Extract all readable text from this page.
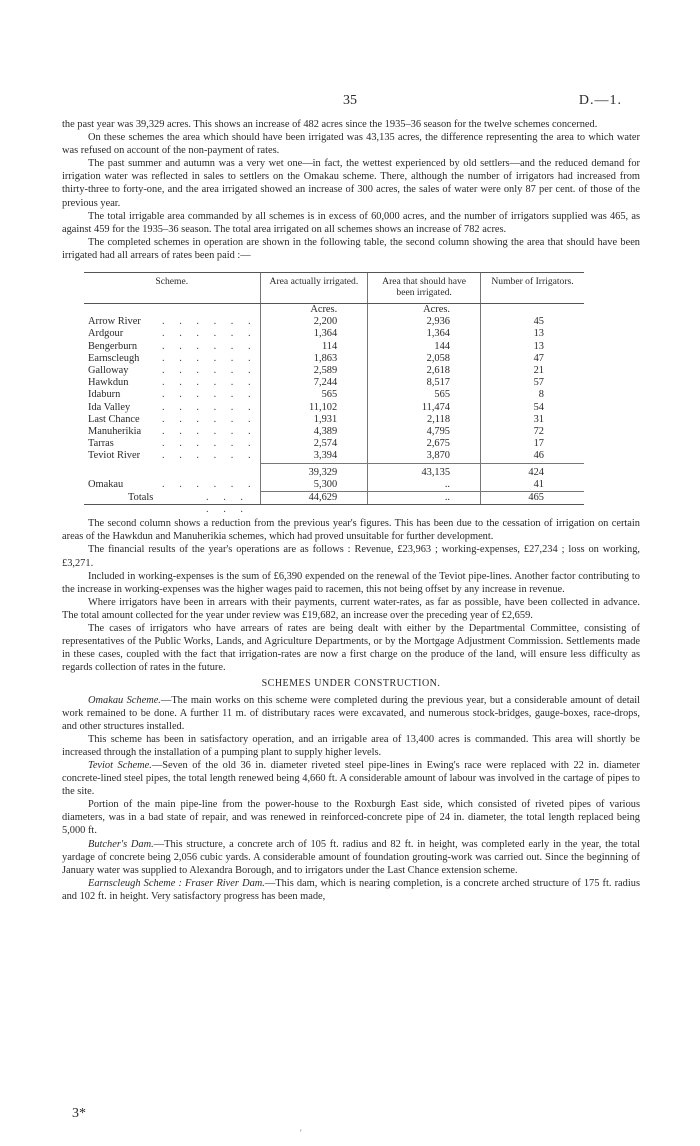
35	D.—1.

the past year was 39,329 acres. This shows an increase of 482 acres since the 1935–36 season for the twelve schemes concerned.

On these schemes the area which should have been irrigated was 43,135 acres, the difference representing the area to which water was refused on account of the non-payment of rates.

The past summer and autumn was a very wet one—in fact, the wettest experienced by old settlers—and the reduced demand for irrigation water was reflected in sales to settlers on the Omakau scheme. There, although the number of irrigators had increased from thirty-three to forty-one, and the area irrigated showed an increase of 300 acres, the sales of water were only 87 per cent. of those of the previous year.

The total irrigable area commanded by all schemes is in excess of 60,000 acres, and the number of irrigators supplied was 465, as against 459 for the 1935–36 season. The total area irrigated on all schemes shows an increase of 782 acres.

The completed schemes in operation are shown in the following table, the second column showing the area that should have been irrigated had all arrears of rates been paid :—

Scheme.	Area actually irrigated.	Area that should have been irrigated.	Number of Irrigators.
	Acres.	Acres.	
Arrow River . . . . . .	2,200	2,936	45
Ardgour . . . . . .	1,364	1,364	13
Bengerburn . . . . . .	114	144	13
Earnscleugh . . . . . .	1,863	2,058	47
Galloway . . . . . .	2,589	2,618	21
Hawkdun . . . . . .	7,244	8,517	57
Idaburn . . . . . .	565	565	8
Ida Valley . . . . . .	11,102	11,474	54
Last Chance . . . . . .	1,931	2,118	31
Manuherikia . . . . . .	4,389	4,795	72
Tarras . . . . . .	2,574	2,675	17
Teviot River . . . . . .	3,394	3,870	46
	39,329	43,135	424
Omakau . . . . . .	5,300	..	41
Totals . . . . . .	44,629	..	465

The second column shows a reduction from the previous year's figures. This has been due to the cessation of irrigation on certain areas of the Hawkdun and Manuherikia schemes, which had proved unsuitable for further development.

The financial results of the year's operations are as follows : Revenue, £23,963 ; working-expenses, £27,234 ; loss on working, £3,271.

Included in working-expenses is the sum of £6,390 expended on the renewal of the Teviot pipe-lines. Another factor contributing to the increase in working-expenses was the higher wages paid to racemen, this not being offset by any increase in revenue.

Where irrigators have been in arrears with their payments, current water-rates, as far as possible, have been collected in advance. The total amount collected for the year under review was £19,682, an increase over the preceding year of £2,659.

The cases of irrigators who have arrears of rates are being dealt with either by the Departmental Committee, consisting of representatives of the Public Works, Lands, and Agriculture Departments, or by the Mortgage Adjustment Commission. Settlements made in these cases, coupled with the fact that irrigation-rates are now a first charge on the produce of the land, will ensure less difficulty as regards collection of rates in the future.

SCHEMES UNDER CONSTRUCTION.

Omakau Scheme.—The main works on this scheme were completed during the previous year, but a considerable amount of detail work remained to be done. A further 11 m. of distributary races were excavated, and numerous stock-bridges, gauge-boxes, race-drops, and other structures installed.

This scheme has been in satisfactory operation, and an irrigable area of 13,400 acres is commanded. This area will shortly be increased through the installation of a pumping plant to supply higher levels.

Teviot Scheme.—Seven of the old 36 in. diameter riveted steel pipe-lines in Ewing's race were replaced with 22 in. diameter concrete-lined steel pipes, the total length renewed being 4,660 ft. A considerable amount of labour was involved in the cartage of pipes to the site.

Portion of the main pipe-line from the power-house to the Roxburgh East side, which consisted of riveted pipes of various diameters, was in a bad state of repair, and was renewed in reinforced-concrete pipe of 24 in. diameter, the total length replaced being 5,000 ft.

Butcher's Dam.—This structure, a concrete arch of 105 ft. radius and 82 ft. in height, was completed early in the year, the total yardage of concrete being 2,056 cubic yards. A considerable amount of foundation grouting-work was carried out. Since the beginning of January water was supplied to Alexandra Borough, and to irrigators under the Last Chance extension scheme.

Earnscleugh Scheme : Fraser River Dam.—This dam, which is nearing completion, is a concrete arched structure of 175 ft. radius and 102 ft. in height. Very satisfactory progress has been made,

3*
'
